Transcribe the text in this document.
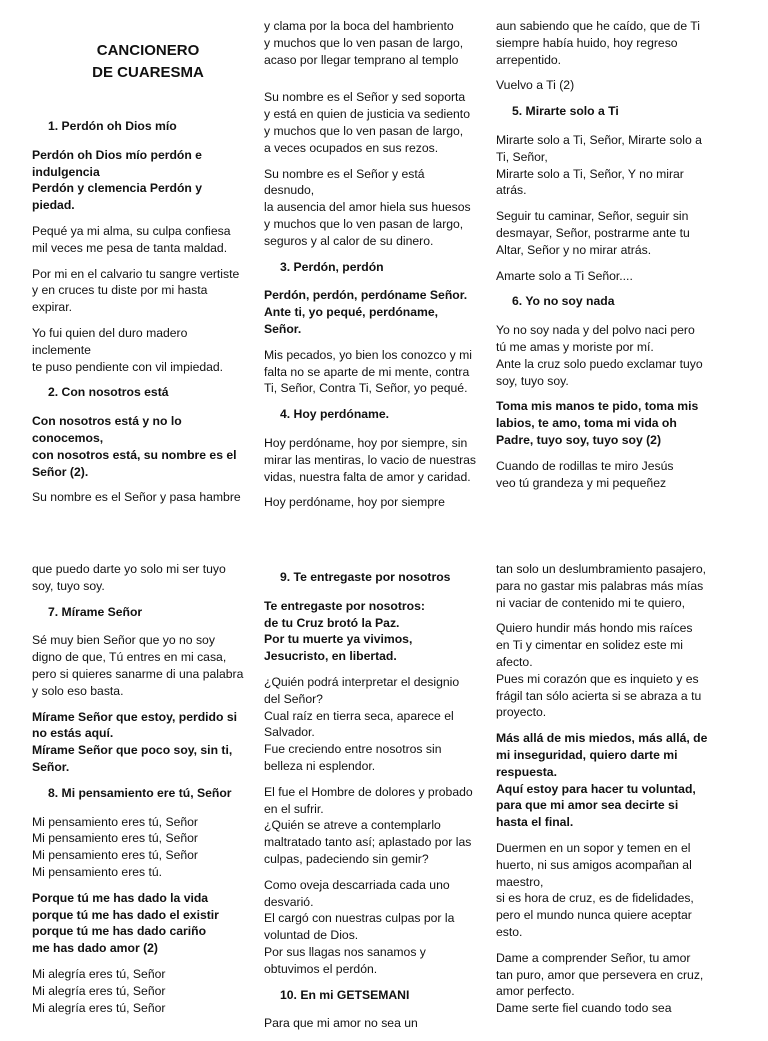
CANCIONERO
DE CUARESMA
1. Perdón oh Dios mío
Perdón oh Dios mío perdón e
indulgencia
Perdón y clemencia Perdón y
piedad.
Pequé ya mi alma, su culpa confiesa
mil veces me pesa de tanta maldad.
Por mi en el calvario tu sangre vertiste
y en cruces tu diste por mi hasta
expirar.
Yo fui quien del duro madero
inclemente
te puso pendiente con vil impiedad.
2. Con nosotros está
Con nosotros está y no lo
conocemos,
con nosotros está, su nombre es el
Señor (2).
Su nombre es el Señor y pasa hambre
y clama por la boca del hambriento
y muchos que lo ven pasan de largo,
acaso por llegar temprano al templo
Su nombre es el Señor y sed soporta
y está en quien de justicia va sediento
y muchos que lo ven pasan de largo,
a veces ocupados en sus rezos.
Su nombre es el Señor y está
desnudo,
la ausencia del amor hiela sus huesos
y muchos que lo ven pasan de largo,
seguros y al calor de su dinero.
3. Perdón, perdón
Perdón, perdón, perdóname Señor.
Ante ti, yo pequé, perdóname,
Señor.
Mis pecados, yo bien los conozco y mi
falta no se aparte de mi mente, contra
Ti, Señor, Contra Ti, Señor, yo pequé.
4. Hoy perdóname.
Hoy perdóname, hoy por siempre, sin
mirar las mentiras, lo vacio de nuestras
vidas, nuestra falta de amor y caridad.
Hoy perdóname, hoy por siempre
aun sabiendo que he caído, que de Ti
siempre había huido, hoy regreso
arrepentido.
Vuelvo a Ti (2)
5. Mirarte solo a Ti
Mirarte solo a Ti, Señor, Mirarte solo a
Ti, Señor,
Mirarte solo a Ti, Señor, Y no mirar
atrás.
Seguir tu caminar, Señor, seguir sin
desmayar, Señor, postrarme ante tu
Altar, Señor y no mirar atrás.
Amarte solo a Ti Señor....
6. Yo no soy nada
Yo no soy nada y del polvo naci pero
tú me amas y moriste por mí.
Ante la cruz solo puedo exclamar tuyo
soy, tuyo soy.
Toma mis manos te pido, toma mis
labios, te amo, toma mi vida oh
Padre, tuyo soy, tuyo soy (2)
Cuando de rodillas te miro Jesús
veo tú grandeza y mi pequeñez
que puedo darte yo solo mi ser tuyo
soy, tuyo soy.
7. Mírame Señor
Sé muy bien Señor que yo no soy
digno de que, Tú entres en mi casa,
pero si quieres sanarme di una palabra
y solo eso basta.
Mírame Señor que estoy, perdido si
no estás aquí.
Mírame Señor que poco soy, sin ti,
Señor.
8. Mi pensamiento ere tú, Señor
Mi pensamiento eres tú, Señor
Mi pensamiento eres tú, Señor
Mi pensamiento eres tú, Señor
Mi pensamiento eres tú.
Porque tú me has dado la vida
porque tú me has dado el existir
porque tú me has dado cariño
me has dado amor (2)
Mi alegría eres tú, Señor
Mi alegría eres tú, Señor
Mi alegría eres tú, Señor
9. Te entregaste por nosotros
Te entregaste por nosotros:
de tu Cruz brotó la Paz.
Por tu muerte ya vivimos,
Jesucristo, en libertad.
¿Quién podrá interpretar el designio
del Señor?
Cual raíz en tierra seca, aparece el
Salvador.
Fue creciendo entre nosotros sin
belleza ni esplendor.
El fue el Hombre de dolores y probado
en el sufrir.
¿Quién se atreve a contemplarlo
maltratado tanto así; aplastado por las
culpas, padeciendo sin gemir?
Como oveja descarriada cada uno
desvarió.
El cargó con nuestras culpas por la
voluntad de Dios.
Por sus llagas nos sanamos y
obtuvimos el perdón.
10. En mi GETSEMANI
Para que mi amor no sea un
tan solo un deslumbramiento pasajero,
para no gastar mis palabras más mías
ni vaciar de contenido mi te quiero,
Quiero hundir más hondo mis raíces
en Ti y cimentar en solidez este mi
afecto.
Pues mi corazón que es inquieto y es
frágil tan sólo acierta si se abraza a tu
proyecto.
Más allá de mis miedos, más allá, de
mi inseguridad, quiero darte mi
respuesta.
Aquí estoy para hacer tu voluntad,
para que mi amor sea decirte si
hasta el final.
Duermen en un sopor y temen en el
huerto, ni sus amigos acompañan al
maestro,
si es hora de cruz, es de fidelidades,
pero el mundo nunca quiere aceptar
esto.
Dame a comprender Señor, tu amor
tan puro, amor que persevera en cruz,
amor perfecto.
Dame serte fiel cuando todo sea
